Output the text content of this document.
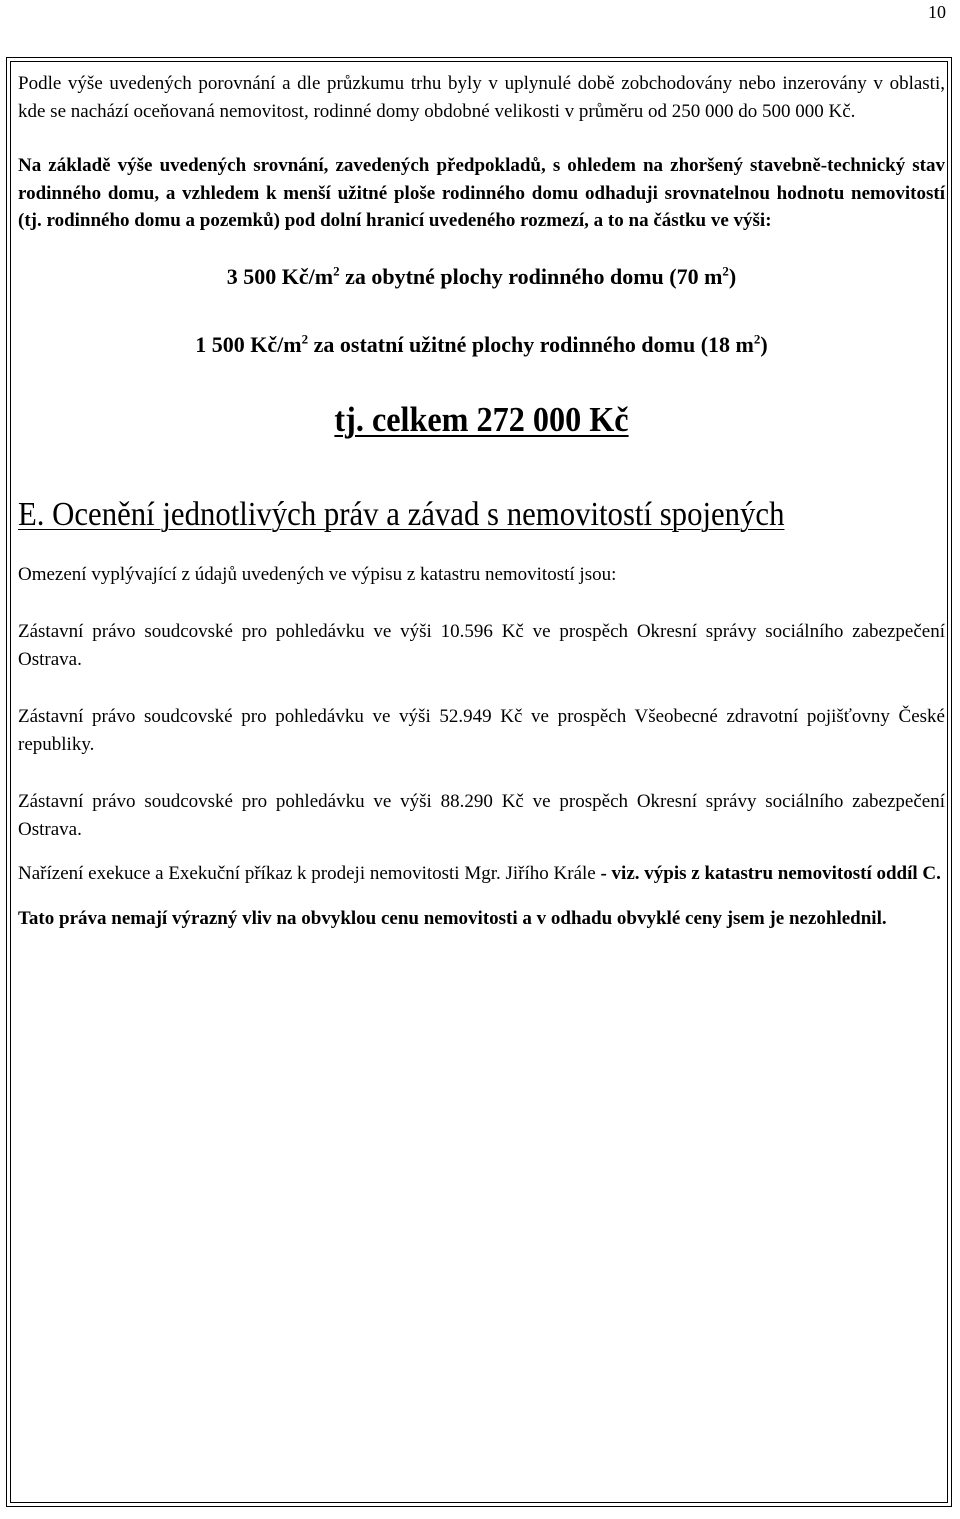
10

Podle výše uvedených porovnání a dle průzkumu trhu byly v uplynulé době zobchodovány nebo inzerovány v oblasti, kde se nachází oceňovaná nemovitost, rodinné domy obdobné velikosti v průměru od 250 000 do 500 000 Kč.

Na základě výše uvedených srovnání, zavedených předpokladů, s ohledem na zhoršený stavebně-technický stav rodinného domu, a vzhledem k menší užitné ploše rodinného domu odhaduji srovnatelnou hodnotu nemovitostí (tj. rodinného domu a pozemků) pod dolní hranicí uvedeného rozmezí, a to na částku ve výši:

3 500 $Kč/m^2$ za obytné plochy rodinného domu (70 $m^2$)

1 500 $Kč/m^2$ za ostatní užitné plochy rodinného domu (18 $m^2$)

tj. celkem 272 000 Kč

E. Ocenění jednotlivých práv a závad s nemovitostí spojených

Omezení vyplývající z údajů uvedených ve výpisu z katastru nemovitostí jsou:

Zástavní právo soudcovské pro pohledávku ve výši 10.596 Kč ve prospěch Okresní správy sociálního zabezpečení Ostrava.

Zástavní právo soudcovské pro pohledávku ve výši 52.949 Kč ve prospěch Všeobecné zdravotní pojišťovny České republiky.

Zástavní právo soudcovské pro pohledávku ve výši 88.290 Kč ve prospěch Okresní správy sociálního zabezpečení Ostrava.

Nařízení exekuce a Exekuční příkaz k prodeji nemovitosti Mgr. Jiřího Krále - viz. výpis z katastru nemovitostí oddíl C.

Tato práva nemají výrazný vliv na obvyklou cenu nemovitosti a v odhadu obvyklé ceny jsem je nezohlednil.
